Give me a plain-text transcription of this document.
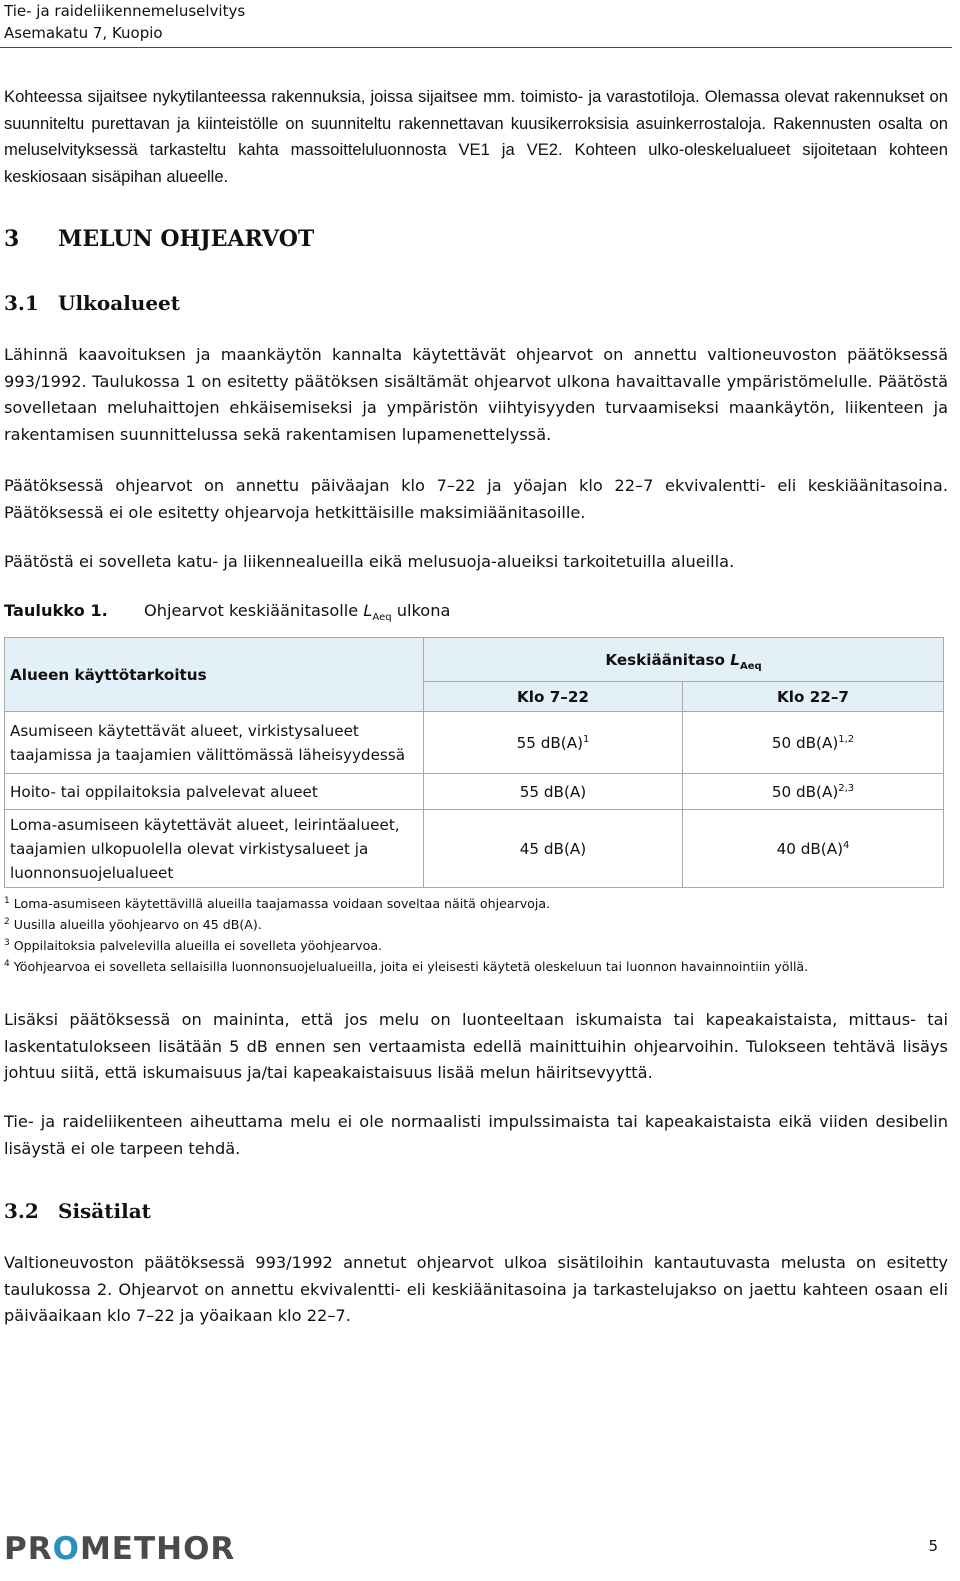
Tie- ja raideliikennemeluselvitys
Asemakatu 7, Kuopio
Kohteessa sijaitsee nykytilanteessa rakennuksia, joissa sijaitsee mm. toimisto- ja varastotiloja. Olemassa olevat rakennukset on suunniteltu purettavan ja kiinteistölle on suunniteltu rakennettavan kuusikerroksisia asuinkerrostaloja. Rakennusten osalta on meluselvityksessä tarkasteltu kahta massoitteluluonnosta VE1 ja VE2. Kohteen ulko-oleskelualueet sijoitetaan kohteen keskiosaan sisäpihan alueelle.
3 MELUN OHJEARVOT
3.1 Ulkoalueet
Lähinnä kaavoituksen ja maankäytön kannalta käytettävät ohjearvot on annettu valtioneuvoston päätöksessä 993/1992. Taulukossa 1 on esitetty päätöksen sisältämät ohjearvot ulkona havaittavalle ympäristömelulle. Päätöstä sovelletaan meluhaittojen ehkäisemiseksi ja ympäristön viihtyisyyden turvaamiseksi maankäytön, liikenteen ja rakentamisen suunnittelussa sekä rakentamisen lupamenettelyssä.
Päätöksessä ohjearvot on annettu päiväajan klo 7–22 ja yöajan klo 22–7 ekvivalentti- eli keskiäänitasoina. Päätöksessä ei ole esitetty ohjearvoja hetkittäisille maksimiäänitasoille.
Päätöstä ei sovelleta katu- ja liikennealueilla eikä melusuoja-alueiksi tarkoitetuilla alueilla.
Taulukko 1. Ohjearvot keskiäänitasolle $L_{Aeq}$ ulkona
Alueen käyttötarkoitus	Keskiäänitaso $L_{Aeq}$
	Klo 7–22	Klo 22–7
Asumiseen käytettävät alueet, virkistysalueet taajamissa ja taajamien välittömässä läheisyydessä	55 $dB(A)^1$	50 $dB(A)^{1,2}$
Hoito- tai oppilaitoksia palvelevat alueet	55 dB(A)	50 $dB(A)^{2,3}$
Loma-asumiseen käytettävät alueet, leirintäalueet, taajamien ulkopuolella olevat virkistysalueet ja luonnonsuojelualueet	45 dB(A)	40 $dB(A)^4$
$^1$ Loma-asumiseen käytettävillä alueilla taajamassa voidaan soveltaa näitä ohjearvoja.
$^2$ Uusilla alueilla yöohjearvo on 45 dB(A).
$^3$ Oppilaitoksia palvelevilla alueilla ei sovelleta yöohjearvoa.
$^4$ Yöohjearvoa ei sovelleta sellaisilla luonnonsuojelualueilla, joita ei yleisesti käytetä oleskeluun tai luonnon havainnointiin yöllä.
Lisäksi päätöksessä on maininta, että jos melu on luonteeltaan iskumaista tai kapeakaistaista, mittaus- tai laskentatulokseen lisätään 5 dB ennen sen vertaamista edellä mainittuihin ohjearvoihin. Tulokseen tehtävä lisäys johtuu siitä, että iskumaisuus ja/tai kapeakaistaisuus lisää melun häiritsevyyttä.
Tie- ja raideliikenteen aiheuttama melu ei ole normaalisti impulssimaista tai kapeakaistaista eikä viiden desibelin lisäystä ei ole tarpeen tehdä.
3.2 Sisätilat
Valtioneuvoston päätöksessä 993/1992 annetut ohjearvot ulkoa sisätiloihin kantautuvasta melusta on esitetty taulukossa 2. Ohjearvot on annettu ekvivalentti- eli keskiäänitasoina ja tarkastelujakso on jaettu kahteen osaan eli päiväaikaan klo 7–22 ja yöaikaan klo 22–7.
PROMETHOR	5
